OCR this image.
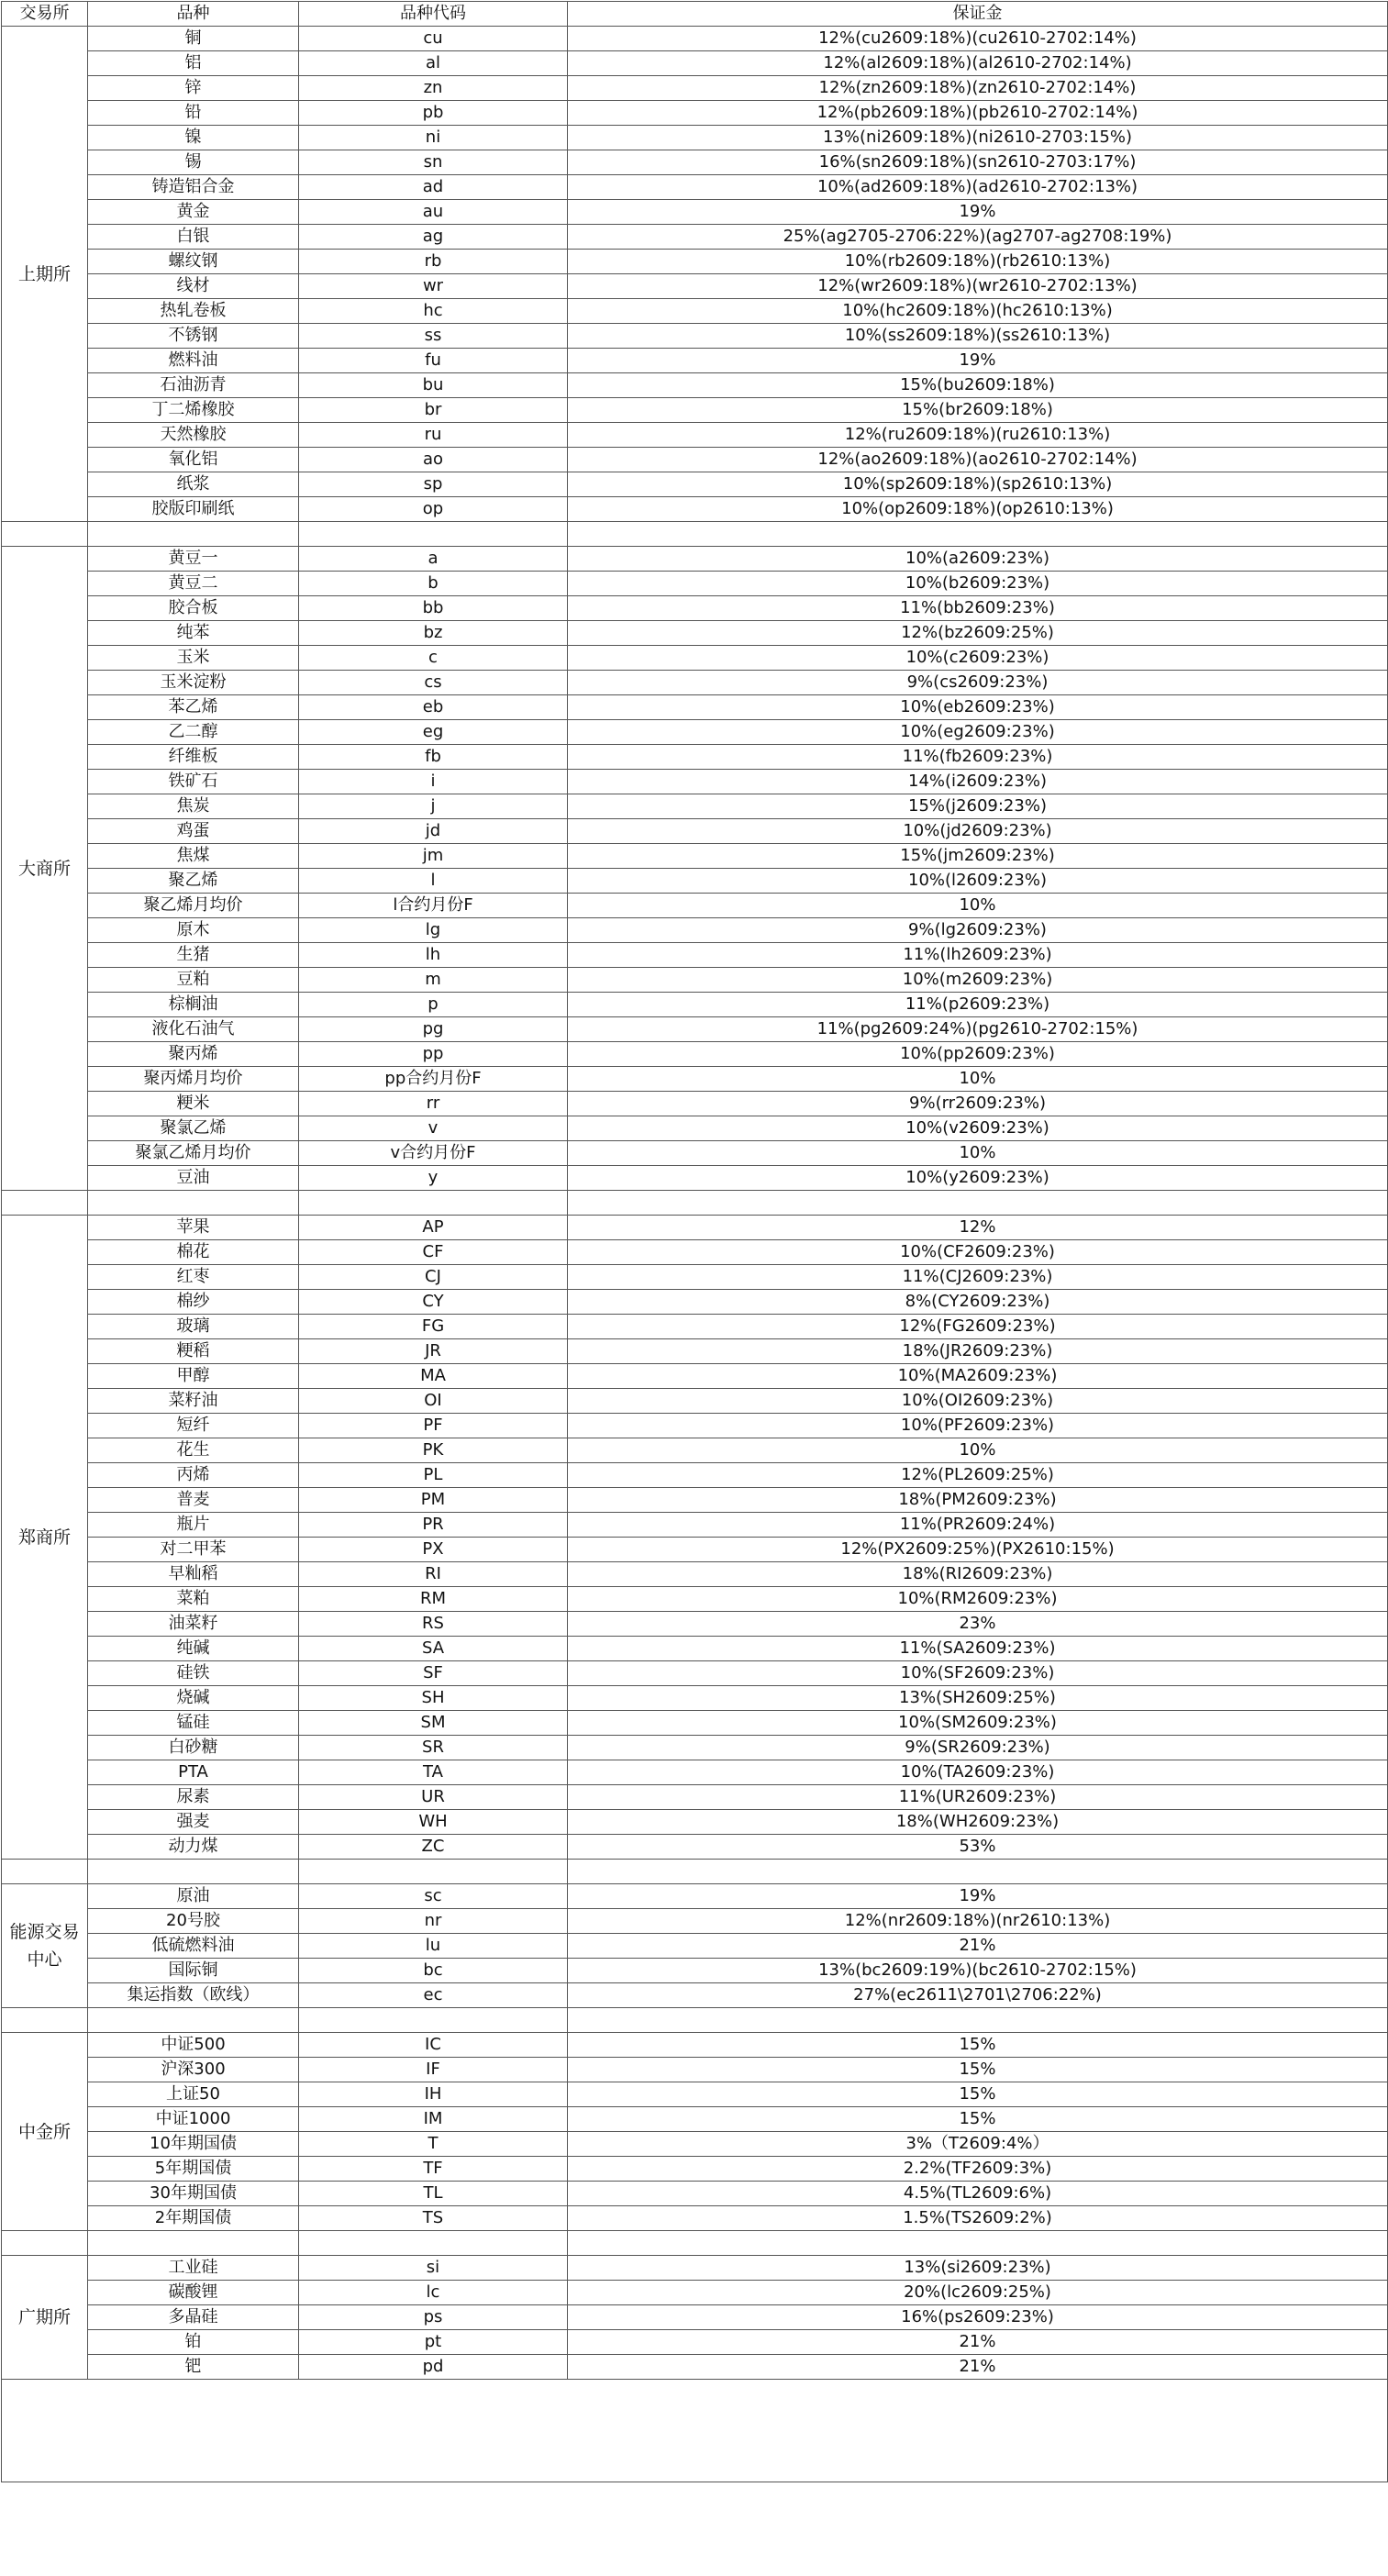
交易所	品种	品种代码	保证金
上期所	铜	cu	12%(cu2609:18%)(cu2610-2702:14%)
	铝	al	12%(al2609:18%)(al2610-2702:14%)
	锌	zn	12%(zn2609:18%)(zn2610-2702:14%)
	铅	pb	12%(pb2609:18%)(pb2610-2702:14%)
	镍	ni	13%(ni2609:18%)(ni2610-2703:15%)
	锡	sn	16%(sn2609:18%)(sn2610-2703:17%)
	铸造铝合金	ad	10%(ad2609:18%)(ad2610-2702:13%)
	黄金	au	19%
	白银	ag	25%(ag2705-2706:22%)(ag2707-ag2708:19%)
	螺纹钢	rb	10%(rb2609:18%)(rb2610:13%)
	线材	wr	12%(wr2609:18%)(wr2610-2702:13%)
	热轧卷板	hc	10%(hc2609:18%)(hc2610:13%)
	不锈钢	ss	10%(ss2609:18%)(ss2610:13%)
	燃料油	fu	19%
	石油沥青	bu	15%(bu2609:18%)
	丁二烯橡胶	br	15%(br2609:18%)
	天然橡胶	ru	12%(ru2609:18%)(ru2610:13%)
	氧化铝	ao	12%(ao2609:18%)(ao2610-2702:14%)
	纸浆	sp	10%(sp2609:18%)(sp2610:13%)
	胶版印刷纸	op	10%(op2609:18%)(op2610:13%)

大商所	黄豆一	a	10%(a2609:23%)
	黄豆二	b	10%(b2609:23%)
	胶合板	bb	11%(bb2609:23%)
	纯苯	bz	12%(bz2609:25%)
	玉米	c	10%(c2609:23%)
	玉米淀粉	cs	9%(cs2609:23%)
	苯乙烯	eb	10%(eb2609:23%)
	乙二醇	eg	10%(eg2609:23%)
	纤维板	fb	11%(fb2609:23%)
	铁矿石	i	14%(i2609:23%)
	焦炭	j	15%(j2609:23%)
	鸡蛋	jd	10%(jd2609:23%)
	焦煤	jm	15%(jm2609:23%)
	聚乙烯	l	10%(l2609:23%)
	聚乙烯月均价	l合约月份F	10%
	原木	lg	9%(lg2609:23%)
	生猪	lh	11%(lh2609:23%)
	豆粕	m	10%(m2609:23%)
	棕榈油	p	11%(p2609:23%)
	液化石油气	pg	11%(pg2609:24%)(pg2610-2702:15%)
	聚丙烯	pp	10%(pp2609:23%)
	聚丙烯月均价	pp合约月份F	10%
	粳米	rr	9%(rr2609:23%)
	聚氯乙烯	v	10%(v2609:23%)
	聚氯乙烯月均价	v合约月份F	10%
	豆油	y	10%(y2609:23%)

郑商所	苹果	AP	12%
	棉花	CF	10%(CF2609:23%)
	红枣	CJ	11%(CJ2609:23%)
	棉纱	CY	8%(CY2609:23%)
	玻璃	FG	12%(FG2609:23%)
	粳稻	JR	18%(JR2609:23%)
	甲醇	MA	10%(MA2609:23%)
	菜籽油	OI	10%(OI2609:23%)
	短纤	PF	10%(PF2609:23%)
	花生	PK	10%
	丙烯	PL	12%(PL2609:25%)
	普麦	PM	18%(PM2609:23%)
	瓶片	PR	11%(PR2609:24%)
	对二甲苯	PX	12%(PX2609:25%)(PX2610:15%)
	早籼稻	RI	18%(RI2609:23%)
	菜粕	RM	10%(RM2609:23%)
	油菜籽	RS	23%
	纯碱	SA	11%(SA2609:23%)
	硅铁	SF	10%(SF2609:23%)
	烧碱	SH	13%(SH2609:25%)
	锰硅	SM	10%(SM2609:23%)
	白砂糖	SR	9%(SR2609:23%)
	PTA	TA	10%(TA2609:23%)
	尿素	UR	11%(UR2609:23%)
	强麦	WH	18%(WH2609:23%)
	动力煤	ZC	53%

能源交易中心	原油	sc	19%
	20号胶	nr	12%(nr2609:18%)(nr2610:13%)
	低硫燃料油	lu	21%
	国际铜	bc	13%(bc2609:19%)(bc2610-2702:15%)
	集运指数（欧线）	ec	27%(ec2611\2701\2706:22%)

中金所	中证500	IC	15%
	沪深300	IF	15%
	上证50	IH	15%
	中证1000	IM	15%
	10年期国债	T	3%（T2609:4%）
	5年期国债	TF	2.2%(TF2609:3%)
	30年期国债	TL	4.5%(TL2609:6%)
	2年期国债	TS	1.5%(TS2609:2%)

广期所	工业硅	si	13%(si2609:23%)
	碳酸锂	lc	20%(lc2609:25%)
	多晶硅	ps	16%(ps2609:23%)
	铂	pt	21%
	钯	pd	21%
